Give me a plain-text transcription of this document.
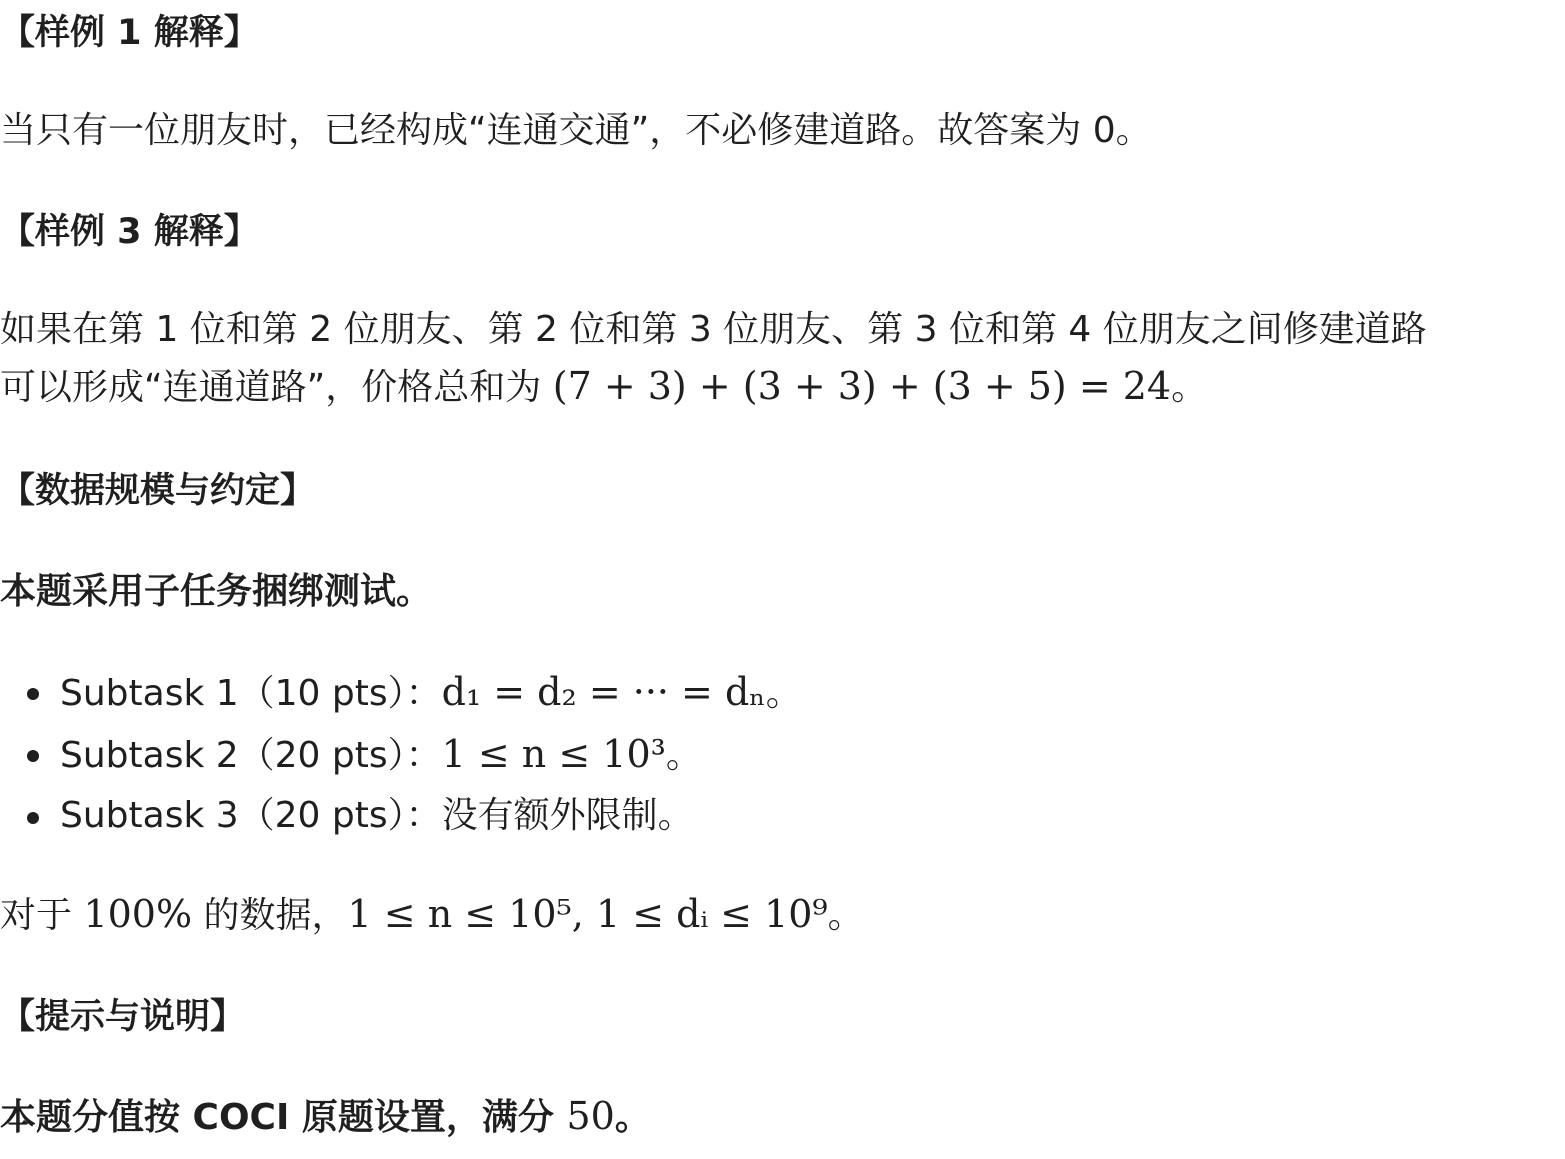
【样例 1 解释】
当只有一位朋友时，已经构成“连通交通”，不必修建道路。故答案为 0。
【样例 3 解释】
如果在第 1 位和第 2 位朋友、第 2 位和第 3 位朋友、第 3 位和第 4 位朋友之间修建道路
可以形成“连通道路”，价格总和为 (7 + 3) + (3 + 3) + (3 + 5) = 24。
【数据规模与约定】
本题采用子任务捆绑测试。
Subtask 1（10 pts）：d₁ = d₂ = ··· = dₙ。
Subtask 2（20 pts）：1 ≤ n ≤ 10³。
Subtask 3（20 pts）：没有额外限制。
对于 100% 的数据，1 ≤ n ≤ 10⁵, 1 ≤ dᵢ ≤ 10⁹。
【提示与说明】
本题分值按 COCI 原题设置，满分 50。
